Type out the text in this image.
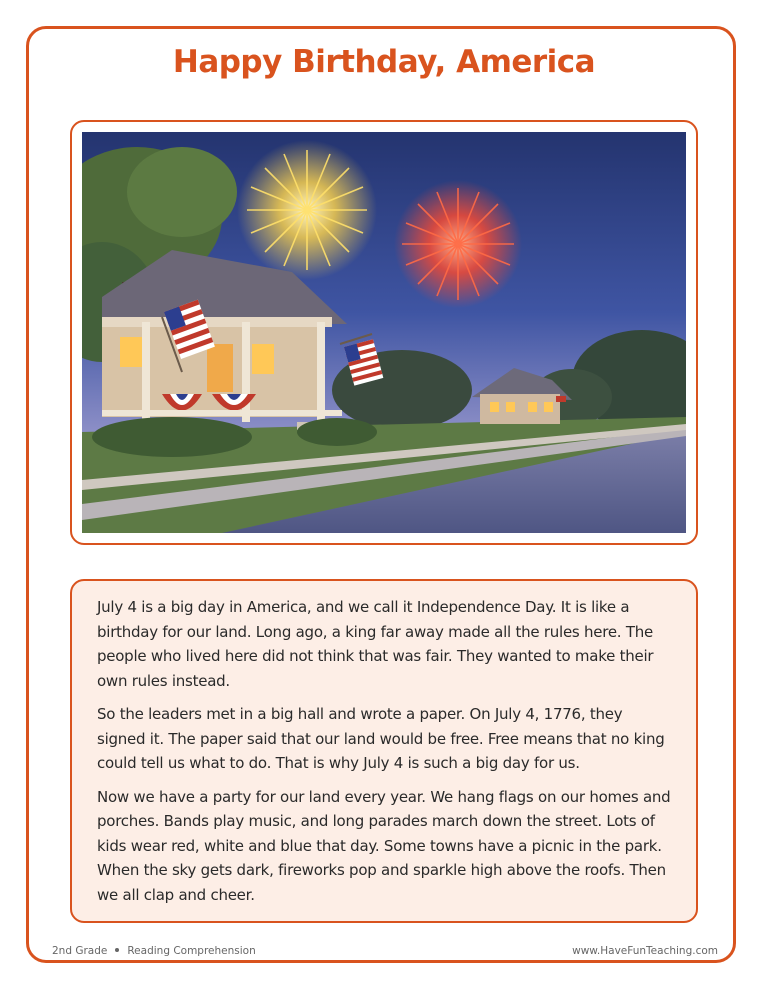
Happy Birthday, America

July 4 is a big day in America, and we call it Independence Day. It is like a birthday for our land. Long ago, a king far away made all the rules here. The people who lived here did not think that was fair. They wanted to make their own rules instead.

So the leaders met in a big hall and wrote a paper. On July 4, 1776, they signed it. The paper said that our land would be free. Free means that no king could tell us what to do. That is why July 4 is such a big day for us.

Now we have a party for our land every year. We hang flags on our homes and porches. Bands play music, and long parades march down the street. Lots of kids wear red, white and blue that day. Some towns have a picnic in the park. When the sky gets dark, fireworks pop and sparkle high above the roofs. Then we all clap and cheer.

2nd Grade Reading Comprehension	www.HaveFunTeaching.com
